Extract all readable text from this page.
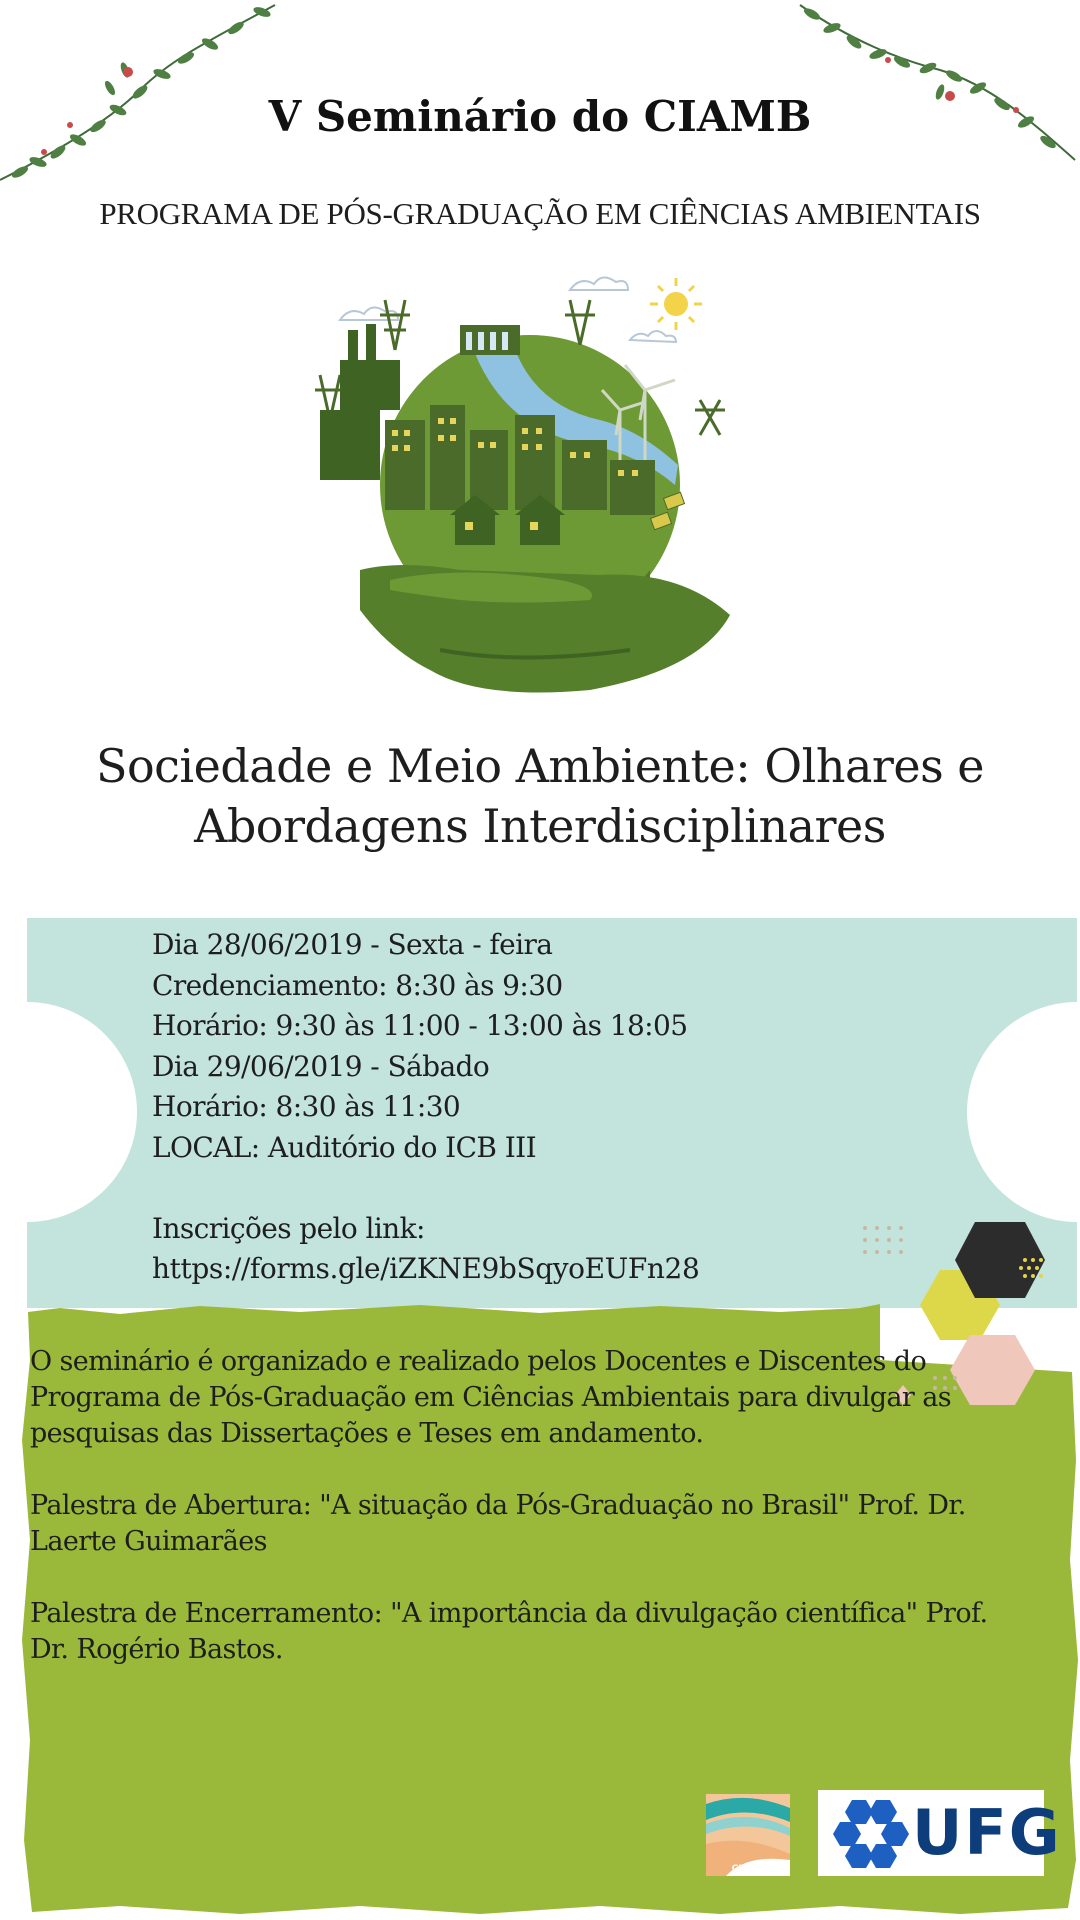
V Seminário do CIAMB
PROGRAMA DE PÓS-GRADUAÇÃO EM CIÊNCIAS AMBIENTAIS
Sociedade e Meio Ambiente: Olhares e
Abordagens Interdisciplinares
Dia 28/06/2019 - Sexta - feira
Credenciamento: 8:30 às 9:30
Horário: 9:30 às 11:00 - 13:00 às 18:05
Dia 29/06/2019 - Sábado
Horário: 8:30 às 11:30
LOCAL: Auditório do ICB III
Inscrições pelo link:
https://forms.gle/iZKNE9bSqyoEUFn28

O seminário é organizado e realizado pelos Docentes e Discentes do Programa de Pós-Graduação em Ciências Ambientais para divulgar as pesquisas das Dissertações e Teses em andamento.

Palestra de Abertura: "A situação da Pós-Graduação no Brasil" Prof. Dr. Laerte Guimarães

Palestra de Encerramento: "A importância da divulgação científica" Prof. Dr. Rogério Bastos.

CIAMB	UFG
